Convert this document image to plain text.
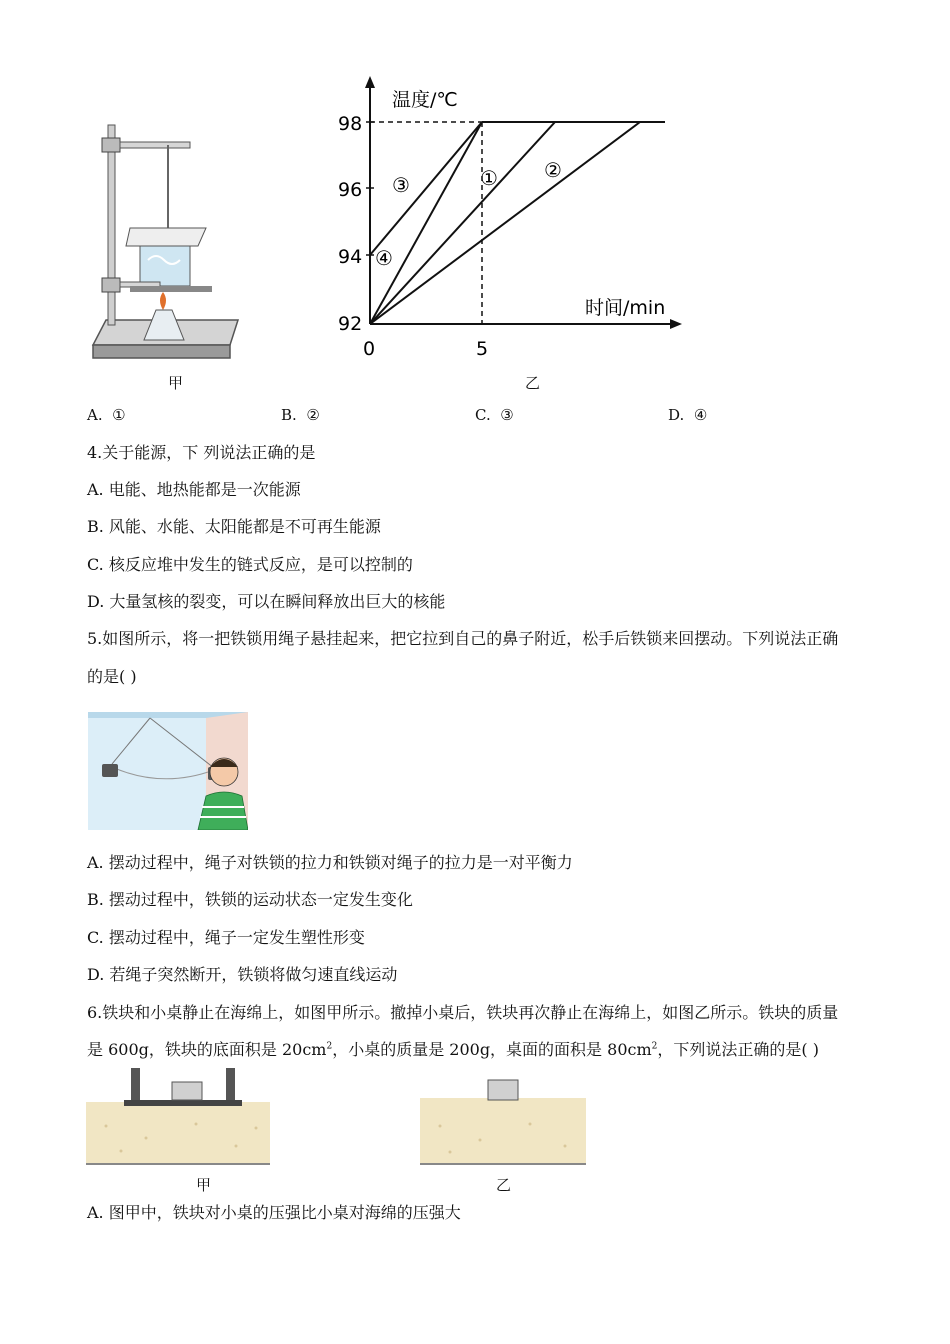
甲
温度/℃
时间/min
98
96
94
92
0	5
① ②
③
④
乙
A. ①	B. ②	C. ③	D. ④
4.关于能源，下 列说法正确的是
A. 电能、地热能都是一次能源
B. 风能、水能、太阳能都是不可再生能源
C. 核反应堆中发生的链式反应，是可以控制的
D. 大量氢核的裂变，可以在瞬间释放出巨大的核能
5.如图所示，将一把铁锁用绳子悬挂起来，把它拉到自己的鼻子附近，松手后铁锁来回摆动。下列说法正确
的是( )
A. 摆动过程中，绳子对铁锁的拉力和铁锁对绳子的拉力是一对平衡力
B. 摆动过程中，铁锁的运动状态一定发生变化
C. 摆动过程中，绳子一定发生塑性形变
D. 若绳子突然断开，铁锁将做匀速直线运动
6.铁块和小桌静止在海绵上，如图甲所示。撤掉小桌后，铁块再次静止在海绵上，如图乙所示。铁块的质量
是 600g，铁块的底面积是 $20cm^2$，小桌的质量是 200g，桌面的面积是 $80cm^2$，下列说法正确的是( )
甲	乙
A. 图甲中，铁块对小桌的压强比小桌对海绵的压强大
